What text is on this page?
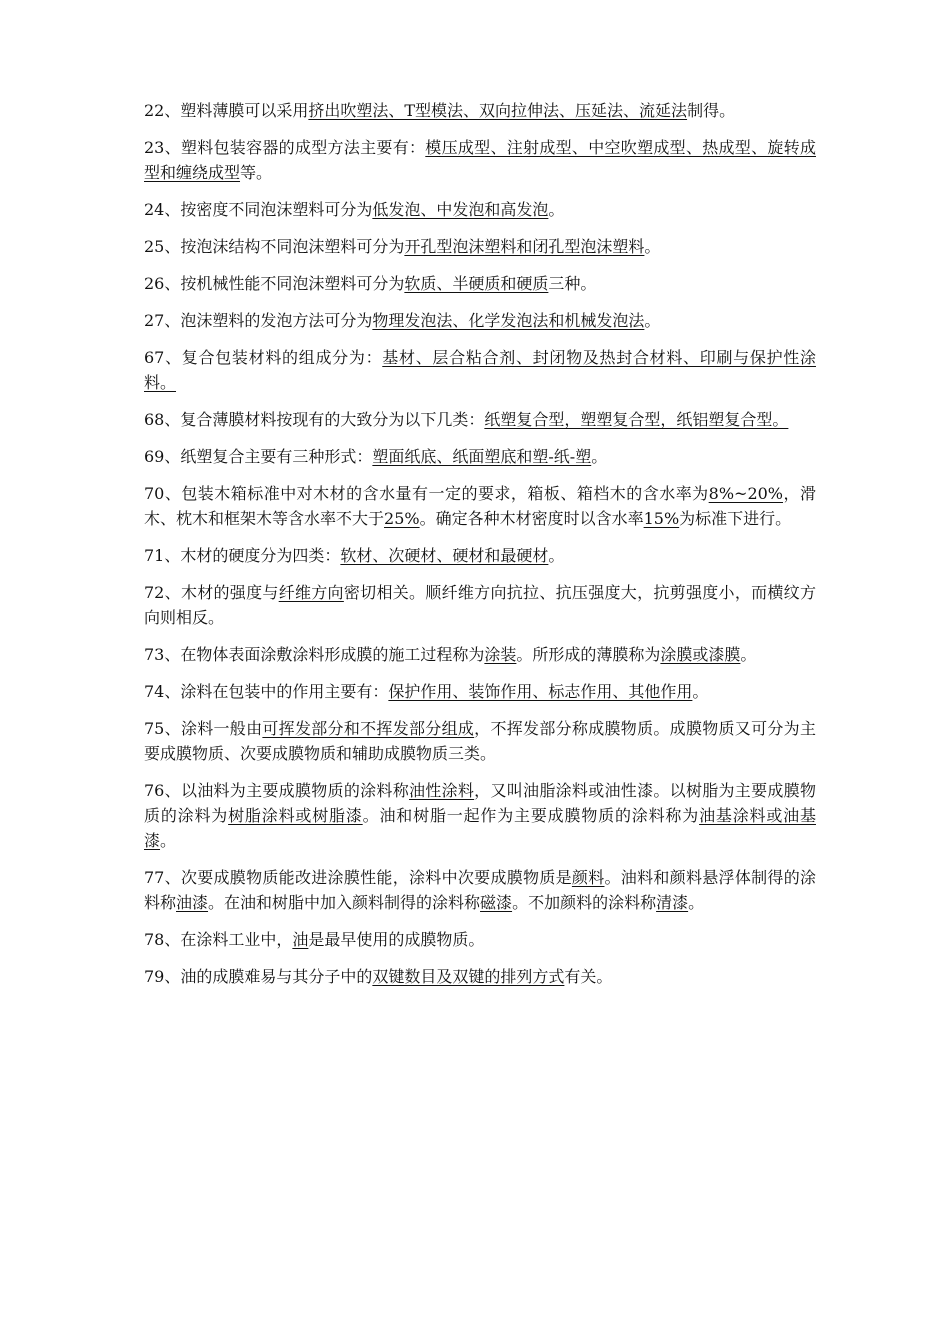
22、塑料薄膜可以采用挤出吹塑法、T型模法、双向拉伸法、压延法、流延法制得。

23、塑料包装容器的成型方法主要有：模压成型、注射成型、中空吹塑成型、热成型、旋转成型和缠绕成型等。

24、按密度不同泡沫塑料可分为低发泡、中发泡和高发泡。

25、按泡沫结构不同泡沫塑料可分为开孔型泡沫塑料和闭孔型泡沫塑料。

26、按机械性能不同泡沫塑料可分为软质、半硬质和硬质三种。

27、泡沫塑料的发泡方法可分为物理发泡法、化学发泡法和机械发泡法。

67、复合包装材料的组成分为：基材、层合粘合剂、封闭物及热封合材料、印刷与保护性涂料。

68、复合薄膜材料按现有的大致分为以下几类：纸塑复合型，塑塑复合型，纸铝塑复合型。

69、纸塑复合主要有三种形式：塑面纸底、纸面塑底和塑-纸-塑。

70、包装木箱标准中对木材的含水量有一定的要求，箱板、箱档木的含水率为8%~20%，滑木、枕木和框架木等含水率不大于25%。确定各种木材密度时以含水率15%为标准下进行。

71、木材的硬度分为四类：软材、次硬材、硬材和最硬材。

72、木材的强度与纤维方向密切相关。顺纤维方向抗拉、抗压强度大，抗剪强度小，而横纹方向则相反。

73、在物体表面涂敷涂料形成膜的施工过程称为涂装。所形成的薄膜称为涂膜或漆膜。

74、涂料在包装中的作用主要有：保护作用、装饰作用、标志作用、其他作用。

75、涂料一般由可挥发部分和不挥发部分组成，不挥发部分称成膜物质。成膜物质又可分为主要成膜物质、次要成膜物质和辅助成膜物质三类。

76、以油料为主要成膜物质的涂料称油性涂料，又叫油脂涂料或油性漆。以树脂为主要成膜物质的涂料为树脂涂料或树脂漆。油和树脂一起作为主要成膜物质的涂料称为油基涂料或油基漆。

77、次要成膜物质能改进涂膜性能，涂料中次要成膜物质是颜料。油料和颜料悬浮体制得的涂料称油漆。在油和树脂中加入颜料制得的涂料称磁漆。不加颜料的涂料称清漆。

78、在涂料工业中，油是最早使用的成膜物质。

79、油的成膜难易与其分子中的双键数目及双键的排列方式有关。
